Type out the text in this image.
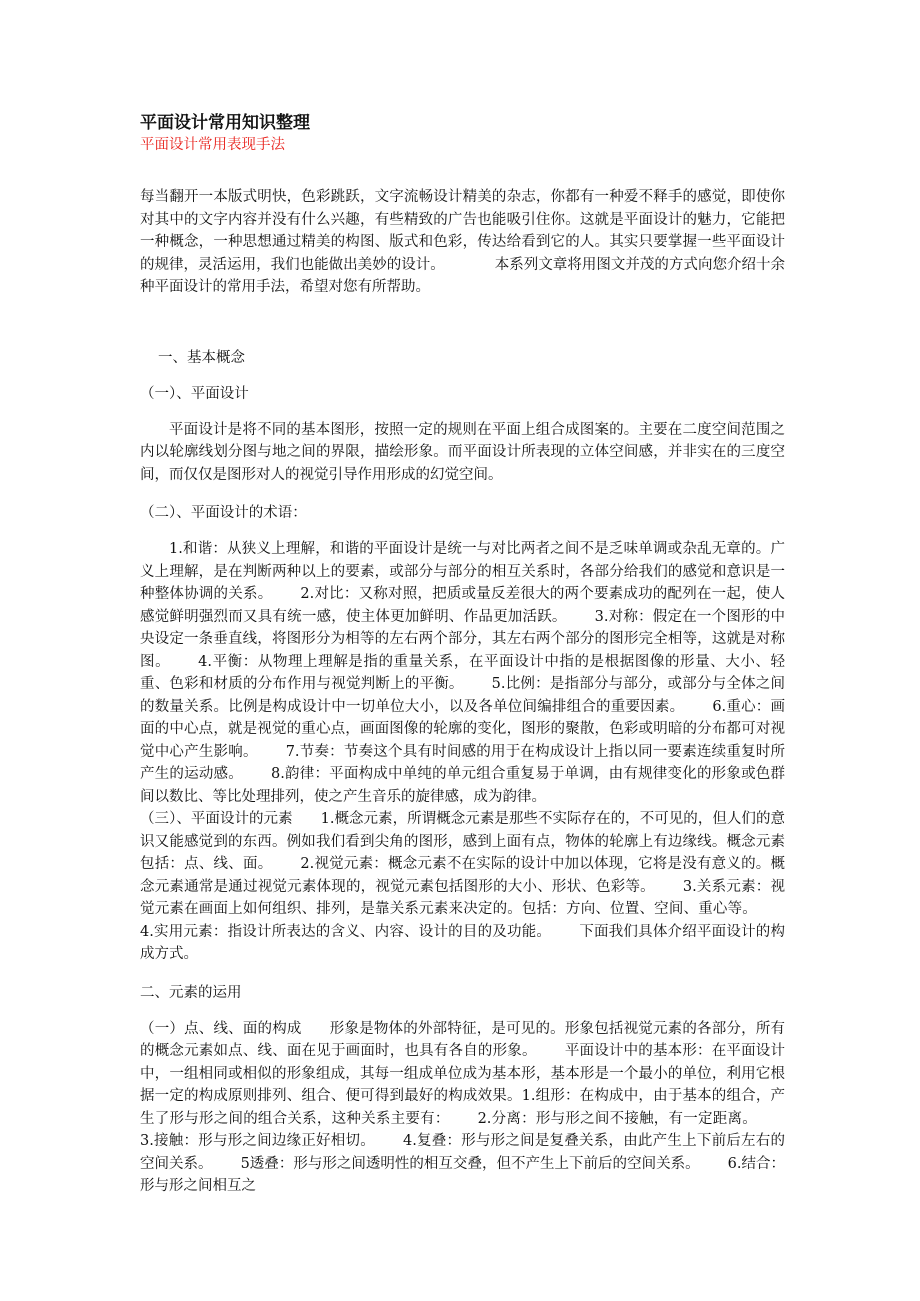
平面设计常用知识整理

平面设计常用表现手法

每当翻开一本版式明快，色彩跳跃，文字流畅设计精美的杂志，你都有一种爱不释手的感觉，即使你对其中的文字内容并没有什么兴趣，有些精致的广告也能吸引住你。这就是平面设计的魅力，它能把一种概念，一种思想通过精美的构图、版式和色彩，传达给看到它的人。其实只要掌握一些平面设计的规律，灵活运用，我们也能做出美妙的设计。	本系列文章将用图文并茂的方式向您介绍十余种平面设计的常用手法，希望对您有所帮助。

一、基本概念

（一）、平面设计

平面设计是将不同的基本图形，按照一定的规则在平面上组合成图案的。主要在二度空间范围之内以轮廓线划分图与地之间的界限，描绘形象。而平面设计所表现的立体空间感，并非实在的三度空间，而仅仅是图形对人的视觉引导作用形成的幻觉空间。

（二）、平面设计的术语：

1.和谐：从狭义上理解，和谐的平面设计是统一与对比两者之间不是乏味单调或杂乱无章的。广义上理解，是在判断两种以上的要素，或部分与部分的相互关系时，各部分给我们的感觉和意识是一种整体协调的关系。 2.对比：又称对照，把质或量反差很大的两个要素成功的配列在一起，使人感觉鲜明强烈而又具有统一感，使主体更加鲜明、作品更加活跃。 3.对称：假定在一个图形的中央设定一条垂直线，将图形分为相等的左右两个部分，其左右两个部分的图形完全相等，这就是对称图。 4.平衡：从物理上理解是指的重量关系，在平面设计中指的是根据图像的形量、大小、轻重、色彩和材质的分布作用与视觉判断上的平衡。 5.比例：是指部分与部分，或部分与全体之间的数量关系。比例是构成设计中一切单位大小，以及各单位间编排组合的重要因素。 6.重心：画面的中心点，就是视觉的重心点，画面图像的轮廓的变化，图形的聚散，色彩或明暗的分布都可对视觉中心产生影响。 7.节奏：节奏这个具有时间感的用于在构成设计上指以同一要素连续重复时所产生的运动感。 8.韵律：平面构成中单纯的单元组合重复易于单调，由有规律变化的形象或色群间以数比、等比处理排列，使之产生音乐的旋律感，成为韵律。

（三）、平面设计的元素 1.概念元素，所谓概念元素是那些不实际存在的，不可见的，但人们的意识又能感觉到的东西。例如我们看到尖角的图形，感到上面有点，物体的轮廓上有边缘线。概念元素包括：点、线、面。 2.视觉元素：概念元素不在实际的设计中加以体现，它将是没有意义的。概念元素通常是通过视觉元素体现的，视觉元素包括图形的大小、形状、色彩等。 3.关系元素：视觉元素在画面上如何组织、排列，是靠关系元素来决定的。包括：方向、位置、空间、重心等。4.实用元素：指设计所表达的含义、内容、设计的目的及功能。 下面我们具体介绍平面设计的构成方式。

二、元素的运用

（一）点、线、面的构成 形象是物体的外部特征，是可见的。形象包括视觉元素的各部分，所有的概念元素如点、线、面在见于画面时，也具有各自的形象。 平面设计中的基本形：在平面设计中，一组相同或相似的形象组成，其每一组成单位成为基本形，基本形是一个最小的单位，利用它根据一定的构成原则排列、组合、便可得到最好的构成效果。1.组形：在构成中，由于基本的组合，产生了形与形之间的组合关系，这种关系主要有： 2.分离：形与形之间不接触，有一定距离。3.接触：形与形之间边缘正好相切。 4.复叠：形与形之间是复叠关系，由此产生上下前后左右的空间关系。 5透叠：形与形之间透明性的相互交叠，但不产生上下前后的空间关系。 6.结合：形与形之间相互之
